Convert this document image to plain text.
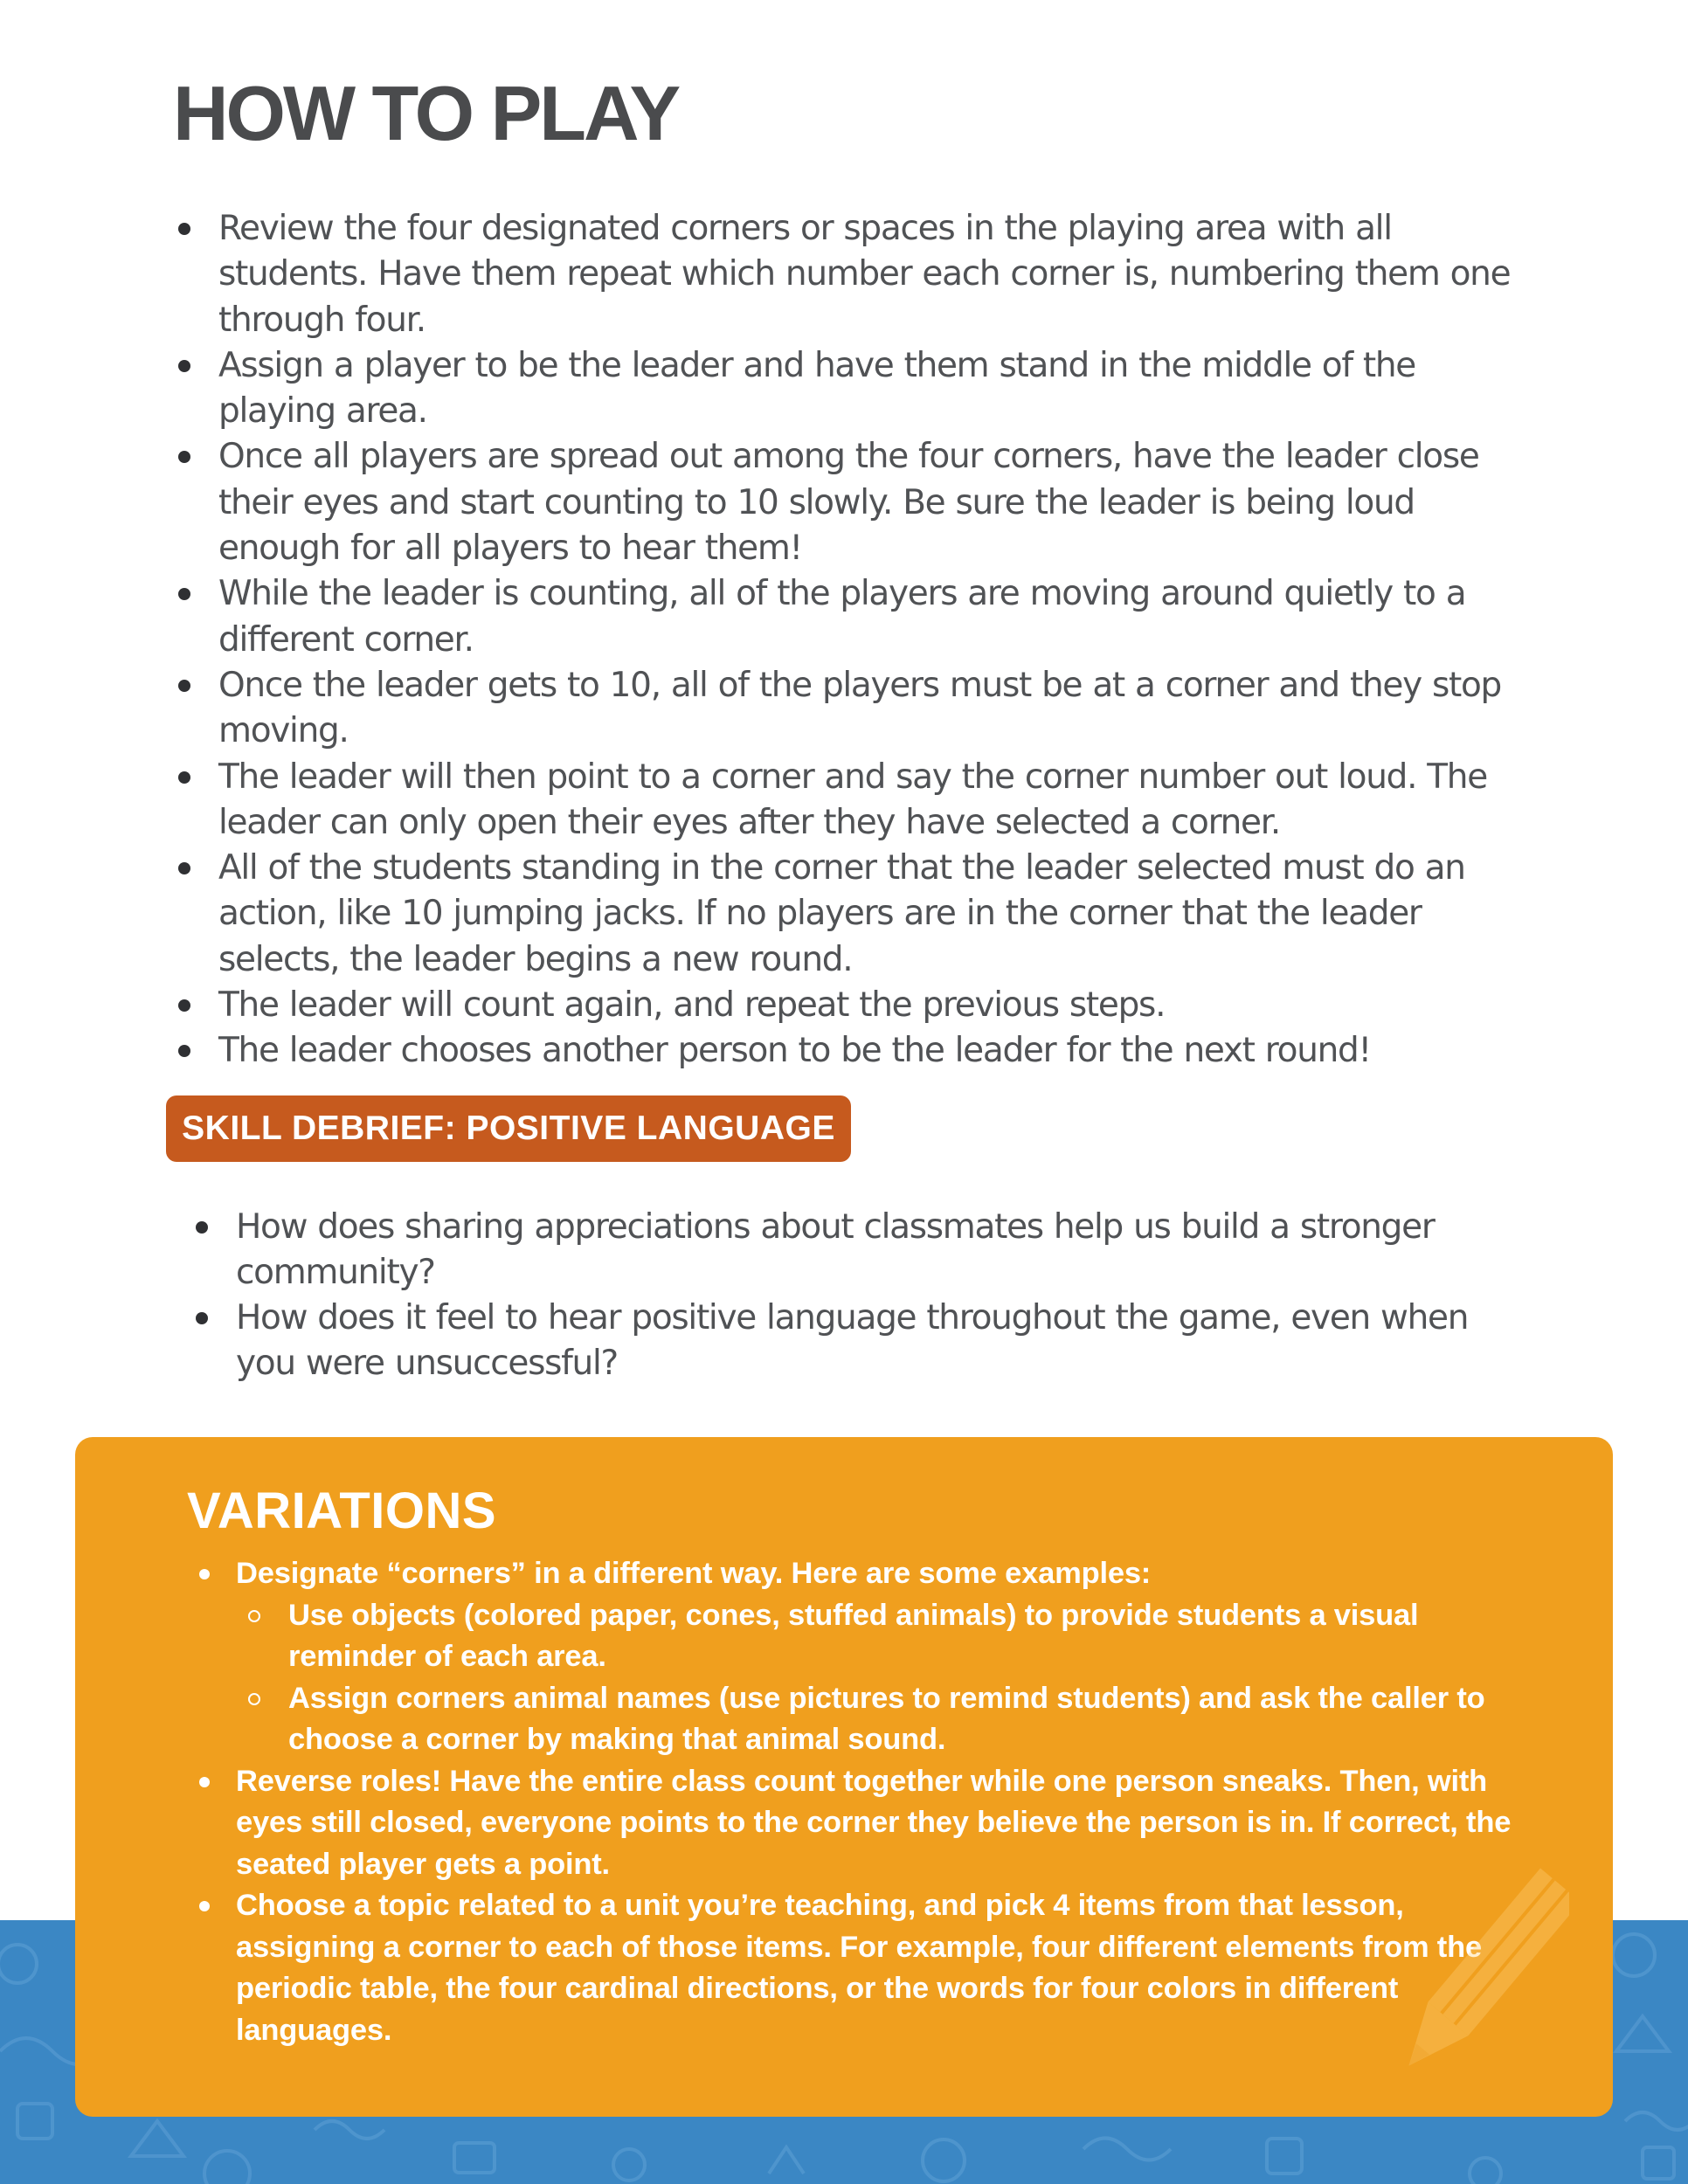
HOW TO PLAY
Review the four designated corners or spaces in the playing area with all students. Have them repeat which number each corner is, numbering them one through four.
Assign a player to be the leader and have them stand in the middle of the playing area.
Once all players are spread out among the four corners, have the leader close their eyes and start counting to 10 slowly. Be sure the leader is being loud enough for all players to hear them!
While the leader is counting, all of the players are moving around quietly to a different corner.
Once the leader gets to 10, all of the players must be at a corner and they stop moving.
The leader will then point to a corner and say the corner number out loud. The leader can only open their eyes after they have selected a corner.
All of the students standing in the corner that the leader selected must do an action, like 10 jumping jacks. If no players are in the corner that the leader selects, the leader begins a new round.
The leader will count again, and repeat the previous steps.
The leader chooses another person to be the leader for the next round!
SKILL DEBRIEF: POSITIVE LANGUAGE
How does sharing appreciations about classmates help us build a stronger community?
How does it feel to hear positive language throughout the game, even when you were unsuccessful?
VARIATIONS
Designate “corners” in a different way. Here are some examples:
Use objects (colored paper, cones, stuffed animals) to provide students a visual reminder of each area.
Assign corners animal names (use pictures to remind students) and ask the caller to choose a corner by making that animal sound.
Reverse roles! Have the entire class count together while one person sneaks. Then, with eyes still closed, everyone points to the corner they believe the person is in. If correct, the seated player gets a point.
Choose a topic related to a unit you’re teaching, and pick 4 items from that lesson, assigning a corner to each of those items. For example, four different elements from the periodic table, the four cardinal directions, or the words for four colors in different languages.
